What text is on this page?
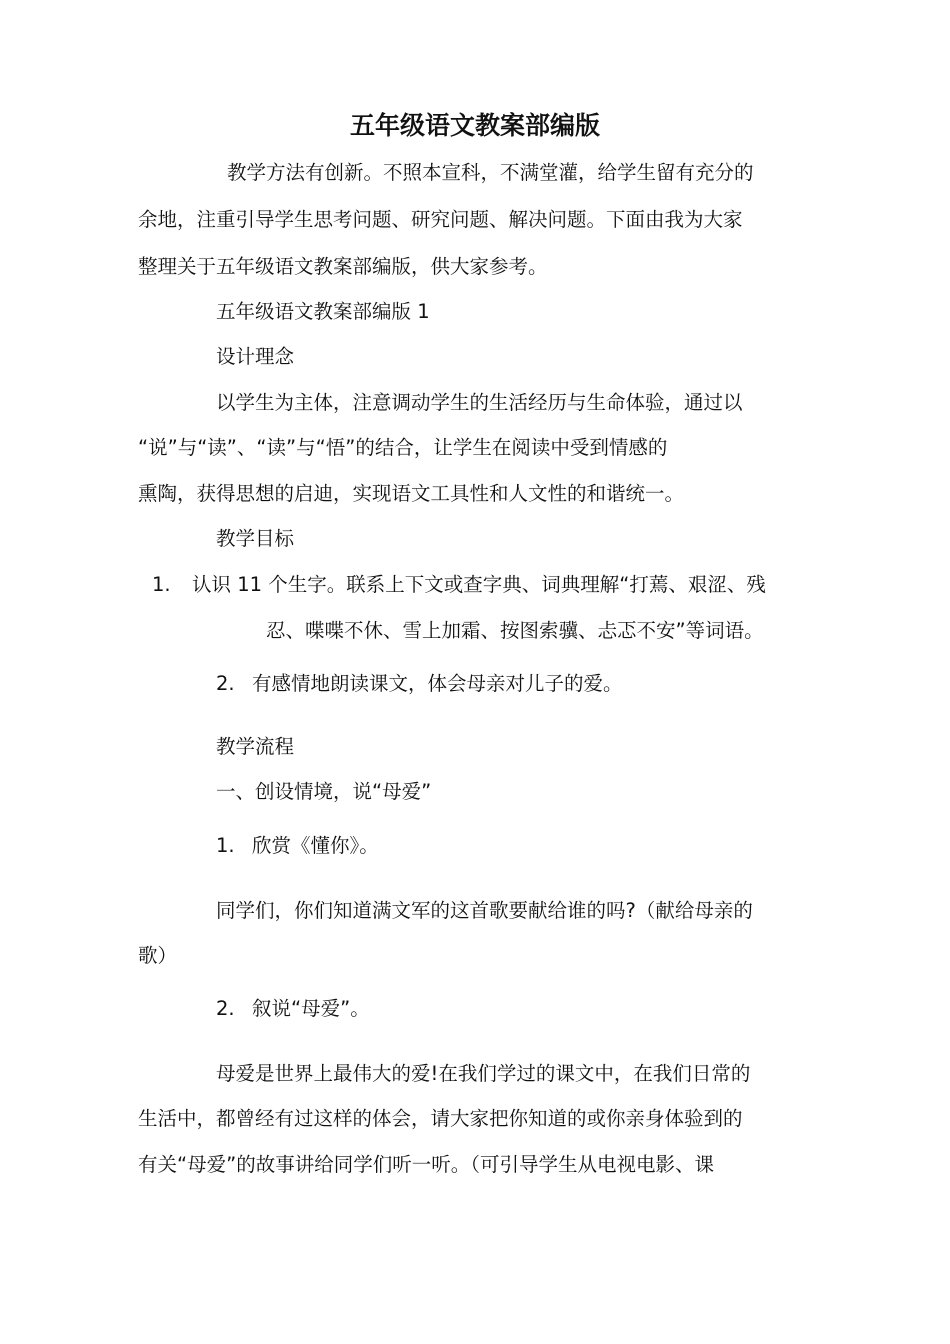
五年级语文教案部编版
教学方法有创新。不照本宣科，不满堂灌，给学生留有充分的
余地，注重引导学生思考问题、研究问题、解决问题。下面由我为大家
整理关于五年级语文教案部编版，供大家参考。
五年级语文教案部编版 1
设计理念
以学生为主体，注意调动学生的生活经历与生命体验，通过以
“说”与“读”、“读”与“悟”的结合，让学生在阅读中受到情感的
熏陶，获得思想的启迪，实现语文工具性和人文性的和谐统一。
教学目标
1. 认识 11 个生字。联系上下文或查字典、词典理解“打蔫、艰涩、残
忍、喋喋不休、雪上加霜、按图索骥、忐忑不安”等词语。
2. 有感情地朗读课文，体会母亲对儿子的爱。
教学流程
一、创设情境，说“母爱”
1. 欣赏《懂你》。
同学们，你们知道满文军的这首歌要献给谁的吗?（献给母亲的
歌）
2. 叙说“母爱”。
母爱是世界上最伟大的爱!在我们学过的课文中，在我们日常的
生活中，都曾经有过这样的体会，请大家把你知道的或你亲身体验到的
有关“母爱”的故事讲给同学们听一听。（可引导学生从电视电影、课
